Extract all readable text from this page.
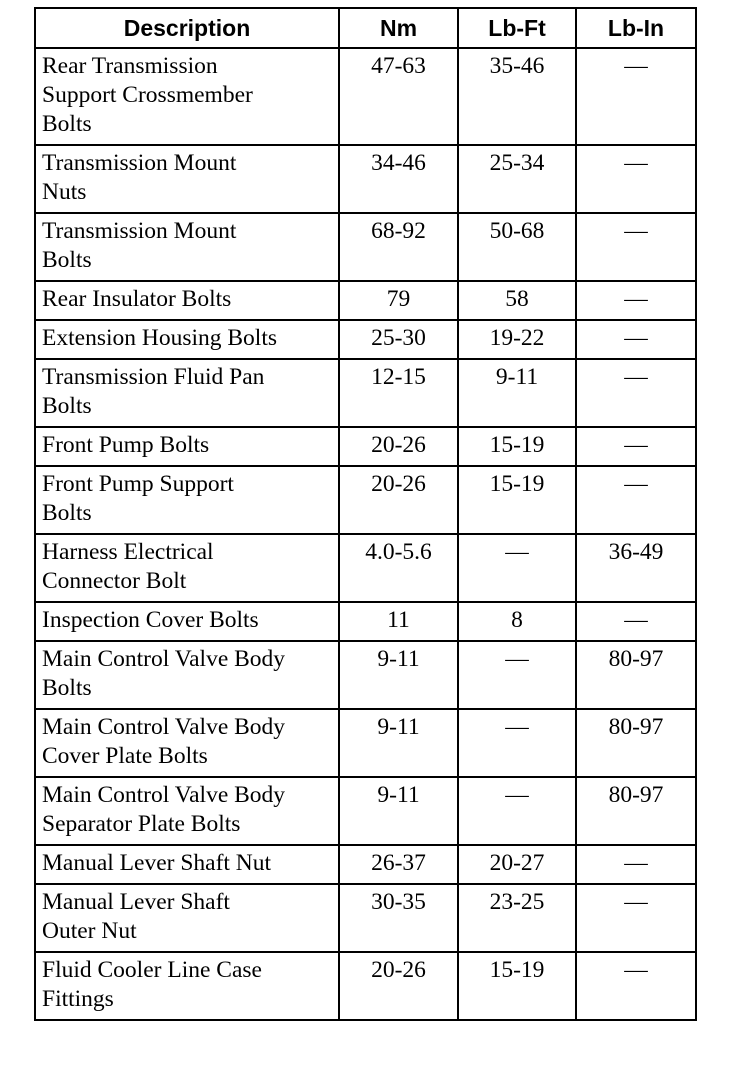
Description	Nm	Lb-Ft	Lb-In
Rear Transmission Support Crossmember Bolts	47-63	35-46	—
Transmission Mount Nuts	34-46	25-34	—
Transmission Mount Bolts	68-92	50-68	—
Rear Insulator Bolts	79	58	—
Extension Housing Bolts	25-30	19-22	—
Transmission Fluid Pan Bolts	12-15	9-11	—
Front Pump Bolts	20-26	15-19	—
Front Pump Support Bolts	20-26	15-19	—
Harness Electrical Connector Bolt	4.0-5.6	—	36-49
Inspection Cover Bolts	11	8	—
Main Control Valve Body Bolts	9-11	—	80-97
Main Control Valve Body Cover Plate Bolts	9-11	—	80-97
Main Control Valve Body Separator Plate Bolts	9-11	—	80-97
Manual Lever Shaft Nut	26-37	20-27	—
Manual Lever Shaft Outer Nut	30-35	23-25	—
Fluid Cooler Line Case Fittings	20-26	15-19	—
